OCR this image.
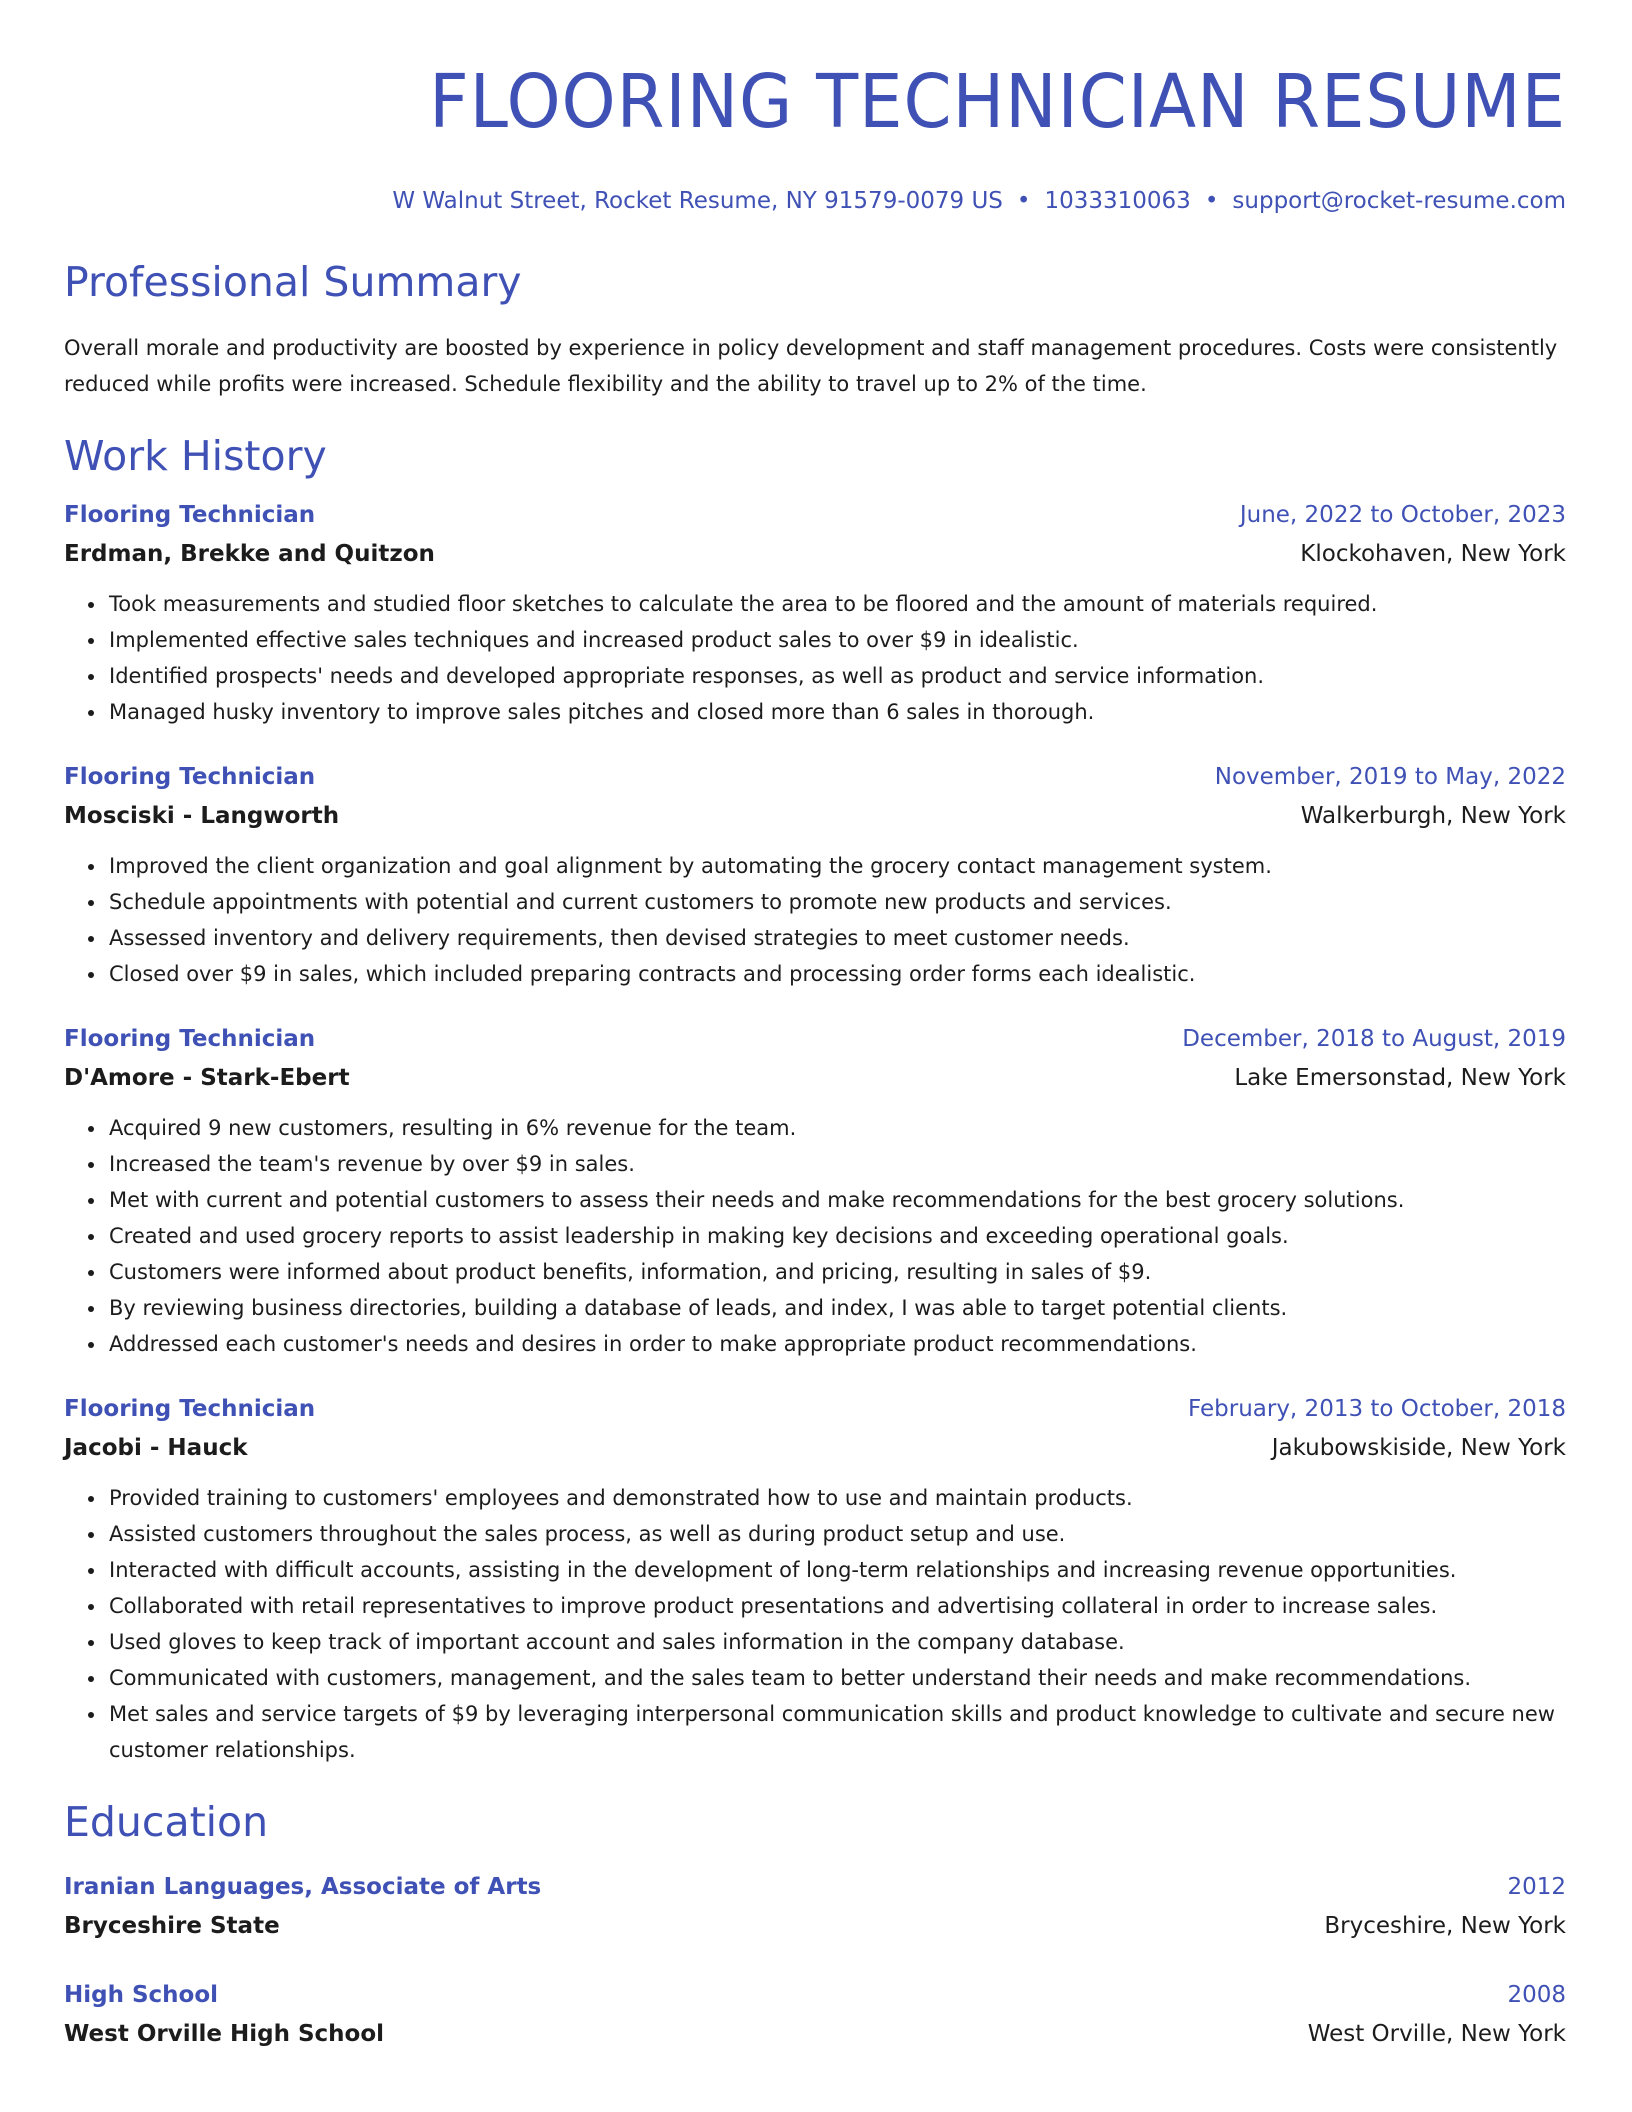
FLOORING TECHNICIAN RESUME
W Walnut Street, Rocket Resume, NY 91579-0079 US • 1033310063 • support@rocket-resume.com
Professional Summary

Overall morale and productivity are boosted by experience in policy development and staff management procedures. Costs were consistently reduced while profits were increased. Schedule flexibility and the ability to travel up to 2% of the time.

Work History
Flooring Technician	June, 2022 to October, 2023
Erdman, Brekke and Quitzon	Klockohaven, New York
• Took measurements and studied floor sketches to calculate the area to be floored and the amount of materials required.
• Implemented effective sales techniques and increased product sales to over $9 in idealistic.
• Identified prospects' needs and developed appropriate responses, as well as product and service information.
• Managed husky inventory to improve sales pitches and closed more than 6 sales in thorough.
Flooring Technician	November, 2019 to May, 2022
Mosciski - Langworth	Walkerburgh, New York
• Improved the client organization and goal alignment by automating the grocery contact management system.
• Schedule appointments with potential and current customers to promote new products and services.
• Assessed inventory and delivery requirements, then devised strategies to meet customer needs.
• Closed over $9 in sales, which included preparing contracts and processing order forms each idealistic.
Flooring Technician	December, 2018 to August, 2019
D'Amore - Stark-Ebert	Lake Emersonstad, New York
• Acquired 9 new customers, resulting in 6% revenue for the team.
• Increased the team's revenue by over $9 in sales.
• Met with current and potential customers to assess their needs and make recommendations for the best grocery solutions.
• Created and used grocery reports to assist leadership in making key decisions and exceeding operational goals.
• Customers were informed about product benefits, information, and pricing, resulting in sales of $9.
• By reviewing business directories, building a database of leads, and index, I was able to target potential clients.
• Addressed each customer's needs and desires in order to make appropriate product recommendations.
Flooring Technician	February, 2013 to October, 2018
Jacobi - Hauck	Jakubowskiside, New York
• Provided training to customers' employees and demonstrated how to use and maintain products.
• Assisted customers throughout the sales process, as well as during product setup and use.
• Interacted with difficult accounts, assisting in the development of long-term relationships and increasing revenue opportunities.
• Collaborated with retail representatives to improve product presentations and advertising collateral in order to increase sales.
• Used gloves to keep track of important account and sales information in the company database.
• Communicated with customers, management, and the sales team to better understand their needs and make recommendations.
• Met sales and service targets of $9 by leveraging interpersonal communication skills and product knowledge to cultivate and secure new customer relationships.
Education
Iranian Languages, Associate of Arts	2012
Bryceshire State	Bryceshire, New York
High School	2008
West Orville High School	West Orville, New York
